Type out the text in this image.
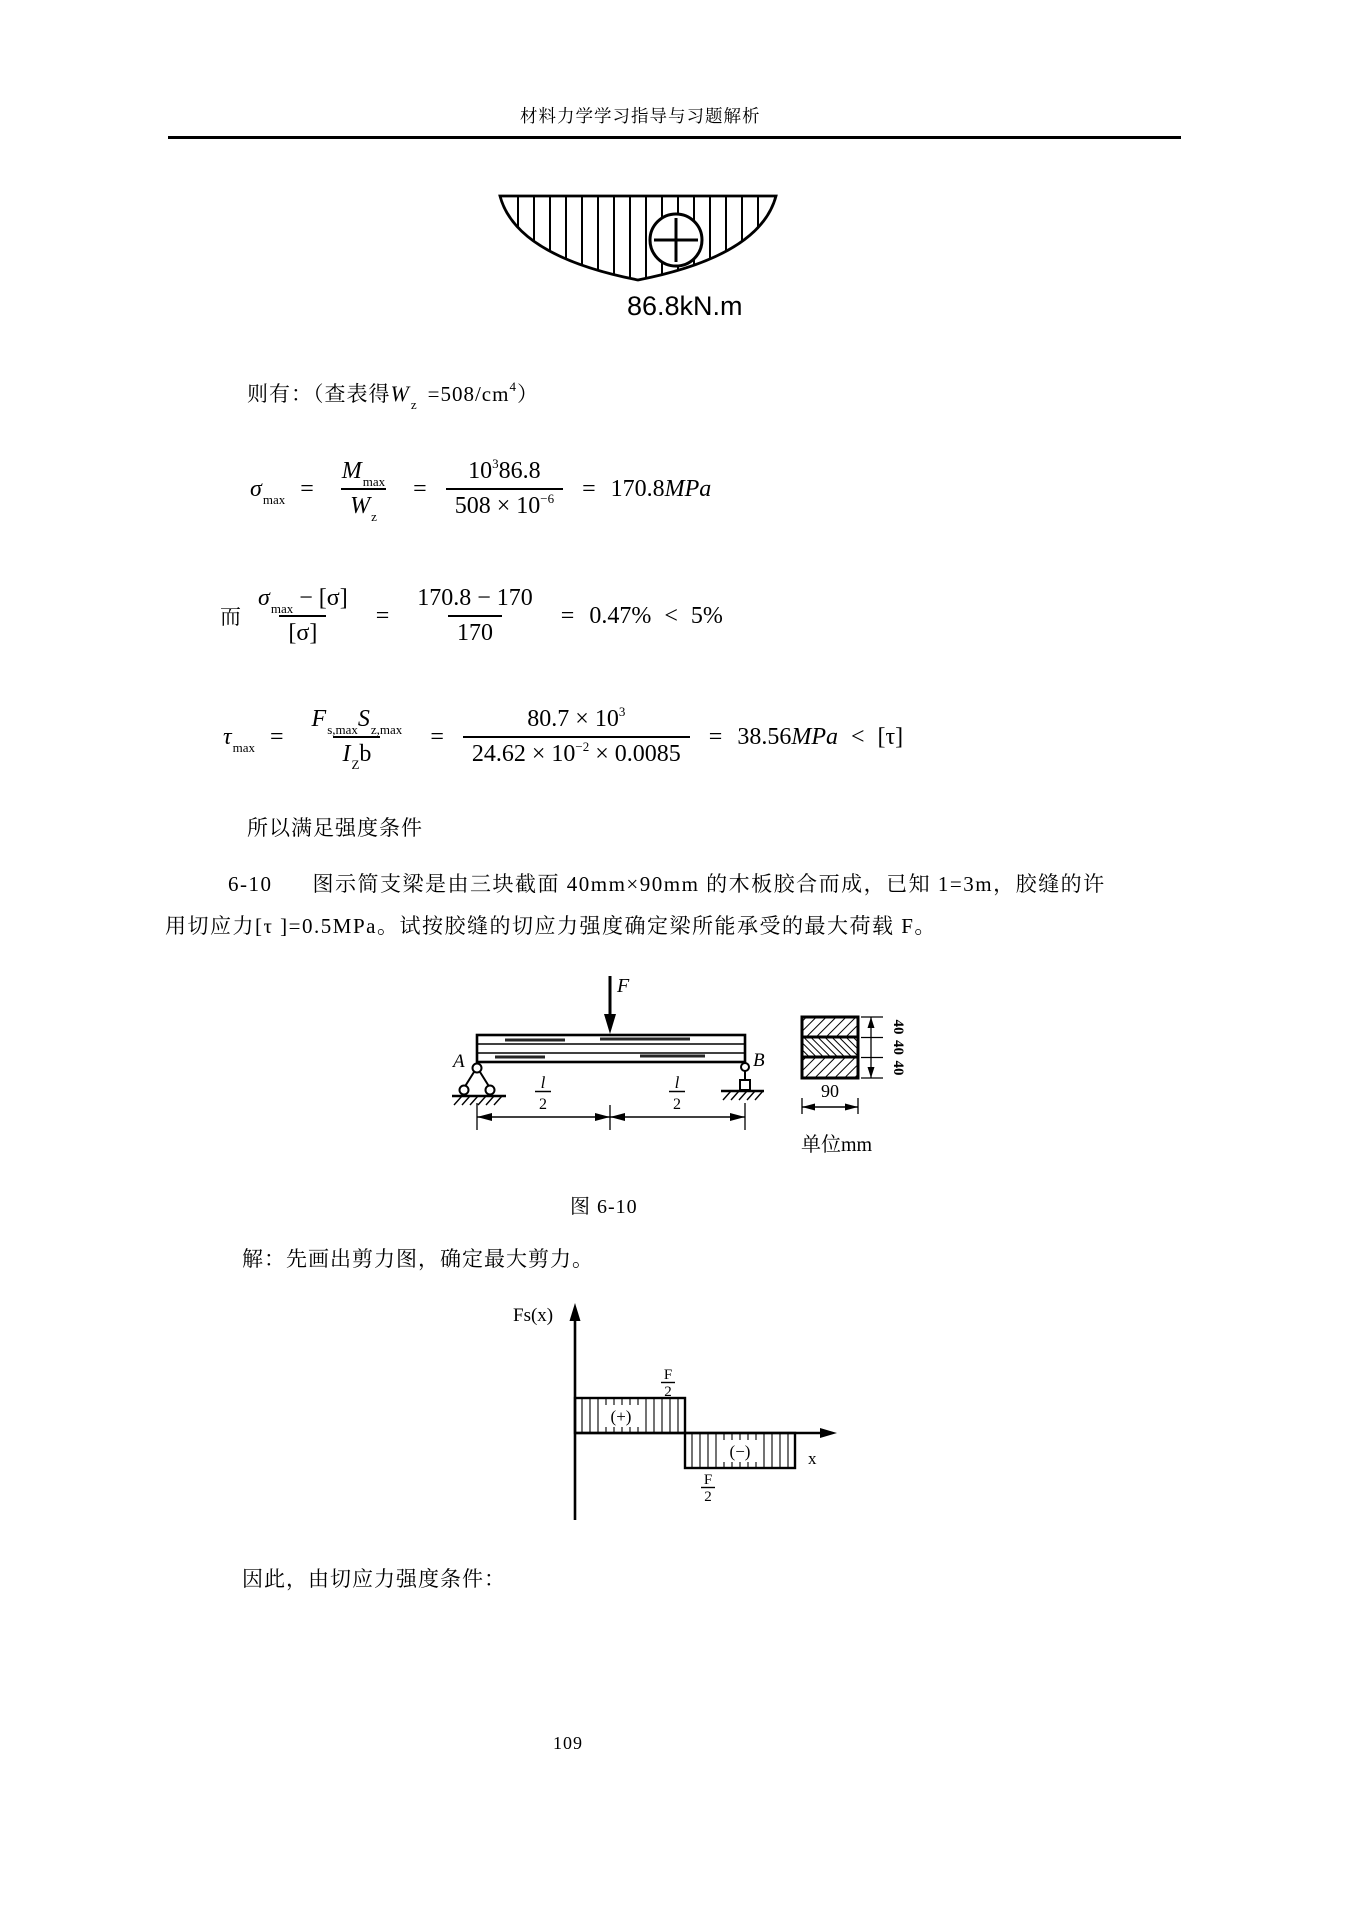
材料力学学习指导与习题解析
86.8kN.m
则有：（查表得Wz =508/cm4）
$\sigma\max = \frac{Mmax}{Wz} = \frac{10386.8}{508 \times 10-6} = 170.8MPa$
而 $\frac{\sigma\max - [\sigma]}{[\sigma]} = \frac{170.8 - 170}{170} = 0.47\% < 5\%$
$\tau\max = \frac{\text{Fs,maxSz,max}}{\text{IZb}} = \frac{80.7 \times 103}{24.62 \times 10-2 \times 0.0085} = 38.56MPa < [\tau]$
所以满足强度条件
6-10 图示简支梁是由三块截面 40mm×90mm 的木板胶合而成，已知 1=3m，胶缝的许
用切应力[τ ]=0.5MPa。试按胶缝的切应力强度确定梁所能承受的最大荷载 F。
F
A	B
l
2
l
2
40
40
40
90
单位mm
图 6-10
解：先画出剪力图，确定最大剪力。
Fs(x)
(+)
F
2
x
(−)
F
2
因此，由切应力强度条件：
109
